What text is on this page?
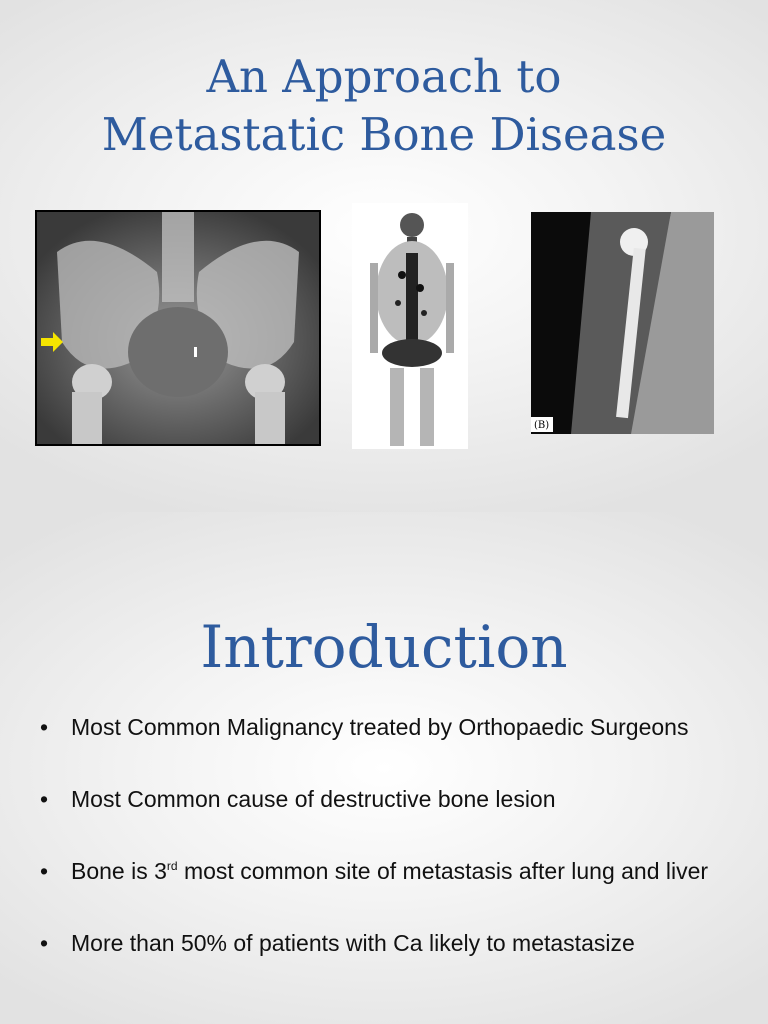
An Approach to
Metastatic Bone Disease
(B)
Introduction
• Most Common Malignancy treated by Orthopaedic Surgeons
• Most Common cause of destructive bone lesion
• Bone is 3rd most common site of metastasis after lung and liver
• More than 50% of patients with Ca likely to metastasize
